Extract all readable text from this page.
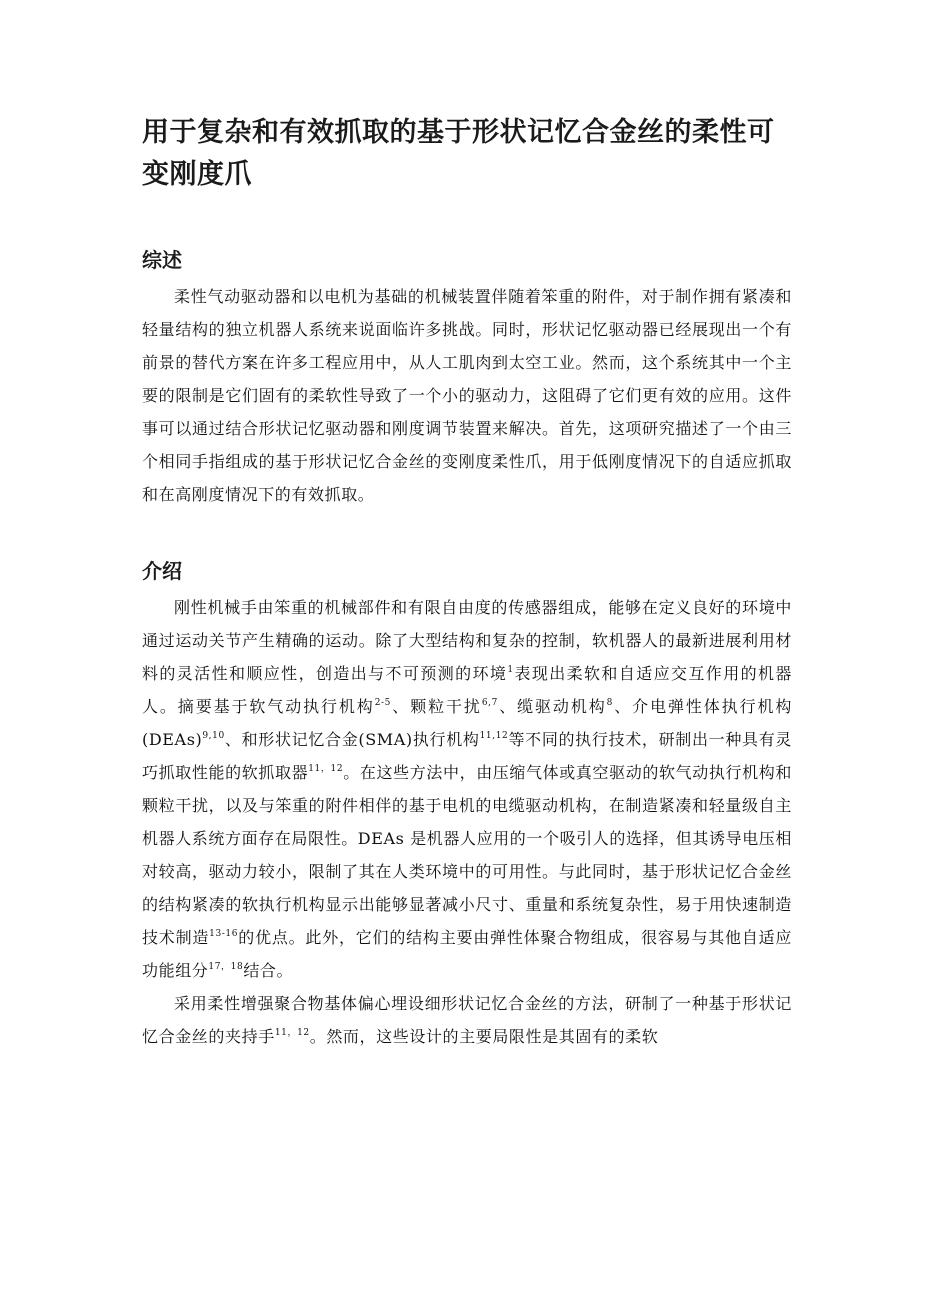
用于复杂和有效抓取的基于形状记忆合金丝的柔性可变刚度爪
综述

柔性气动驱动器和以电机为基础的机械装置伴随着笨重的附件，对于制作拥有紧凑和轻量结构的独立机器人系统来说面临许多挑战。同时，形状记忆驱动器已经展现出一个有前景的替代方案在许多工程应用中，从人工肌肉到太空工业。然而，这个系统其中一个主要的限制是它们固有的柔软性导致了一个小的驱动力，这阻碍了它们更有效的应用。这件事可以通过结合形状记忆驱动器和刚度调节装置来解决。首先，这项研究描述了一个由三个相同手指组成的基于形状记忆合金丝的变刚度柔性爪，用于低刚度情况下的自适应抓取和在高刚度情况下的有效抓取。

介绍

刚性机械手由笨重的机械部件和有限自由度的传感器组成，能够在定义良好的环境中通过运动关节产生精确的运动。除了大型结构和复杂的控制，软机器人的最新进展利用材料的灵活性和顺应性，创造出与不可预测的环境$^1$表现出柔软和自适应交互作用的机器人。摘要基于软气动执行机构$^{2-5}$、颗粒干扰$^{6,7}$、缆驱动机构$^8$、介电弹性体执行机构(DEAs)$^{9,10}$、和形状记忆合金(SMA)执行机构$^{11,12}$等不同的执行技术，研制出一种具有灵巧抓取性能的软抓取器$^{11,12}$。在这些方法中，由压缩气体或真空驱动的软气动执行机构和颗粒干扰，以及与笨重的附件相伴的基于电机的电缆驱动机构，在制造紧凑和轻量级自主机器人系统方面存在局限性。DEAs 是机器人应用的一个吸引人的选择，但其诱导电压相对较高，驱动力较小，限制了其在人类环境中的可用性。与此同时，基于形状记忆合金丝的结构紧凑的软执行机构显示出能够显著减小尺寸、重量和系统复杂性，易于用快速制造技术制造$^{13-16}$的优点。此外，它们的结构主要由弹性体聚合物组成，很容易与其他自适应功能组分$^{17,18}$结合。

采用柔性增强聚合物基体偏心埋设细形状记忆合金丝的方法，研制了一种基于形状记忆合金丝的夹持手$^{11,12}$。然而，这些设计的主要局限性是其固有的柔软
